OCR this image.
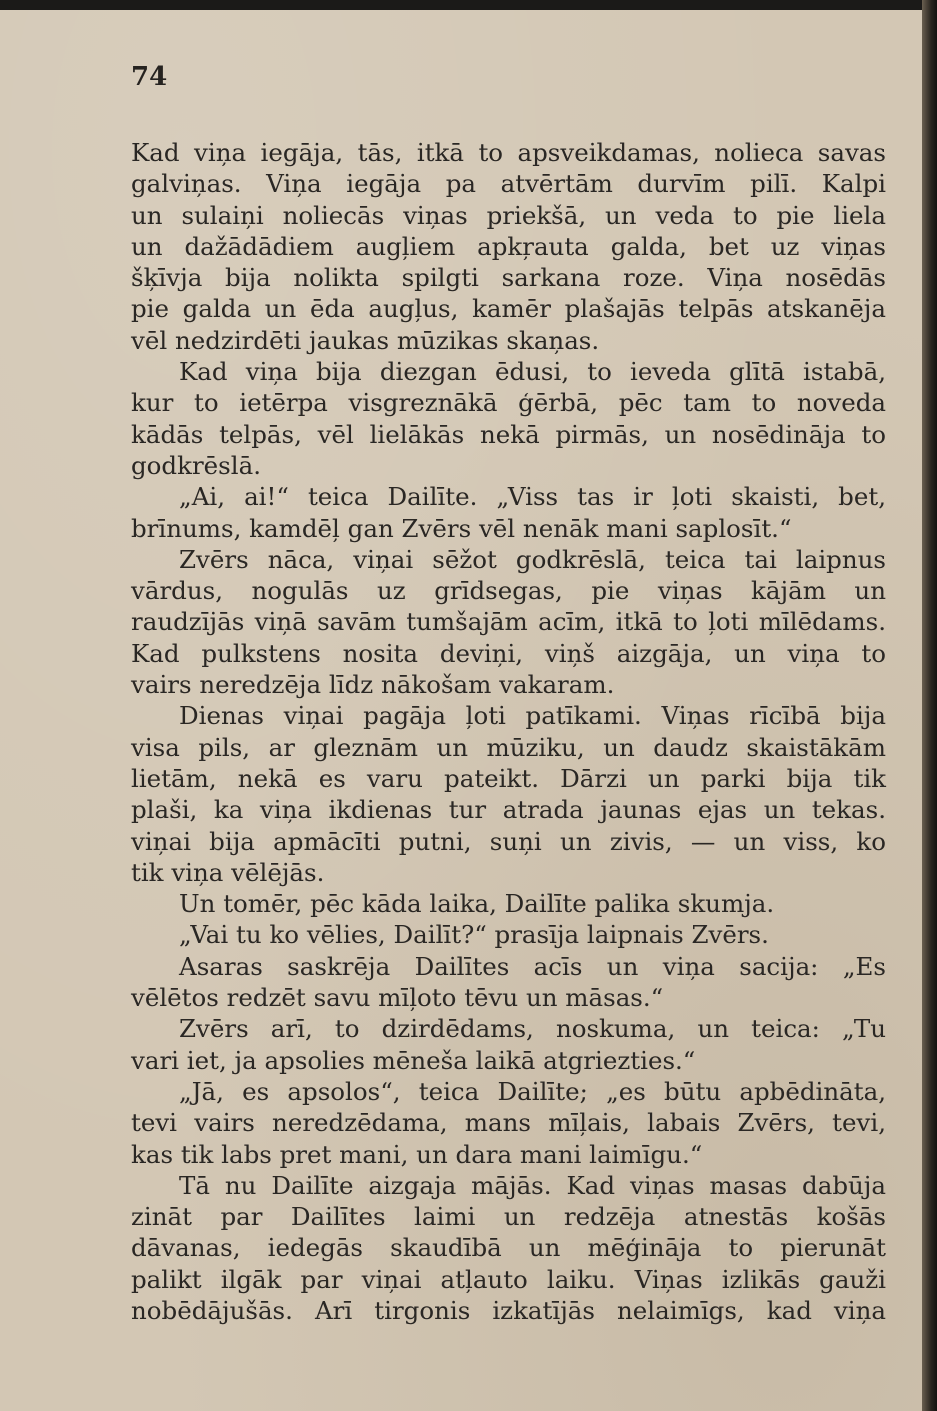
74
Kad viņa iegāja, tās, itkā to apsveikdamas, nolieca savas
galviņas. Viņa iegāja pa atvērtām durvīm pilī. Kalpi
un sulaiņi noliecās viņas priekšā, un veda to pie liela
un dažādādiem augļiem apkŗauta galda, bet uz viņas
šķīvja bija nolikta spilgti sarkana roze. Viņa nosēdās
pie galda un ēda augļus, kamēr plašajās telpās atskanēja
vēl nedzirdēti jaukas mūzikas skaņas.
Kad viņa bija diezgan ēdusi, to ieveda glītā istabā,
kur to ietērpa visgreznākā ģērbā, pēc tam to noveda
kādās telpās, vēl lielākās nekā pirmās, un nosēdināja to
godkrēslā.
„Ai, ai!“ teica Dailīte. „Viss tas ir ļoti skaisti, bet,
brīnums, kamdēļ gan Zvērs vēl nenāk mani saplosīt.“
Zvērs nāca, viņai sēžot godkrēslā, teica tai laipnus
vārdus, nogulās uz grīdsegas, pie viņas kājām un
raudzījās viņā savām tumšajām acīm, itkā to ļoti mīlēdams.
Kad pulkstens nosita deviņi, viņš aizgāja, un viņa to
vairs neredzēja līdz nākošam vakaram.
Dienas viņai pagāja ļoti patīkami. Viņas rīcībā bija
visa pils, ar gleznām un mūziku, un daudz skaistākām
lietām, nekā es varu pateikt. Dārzi un parki bija tik
plaši, ka viņa ikdienas tur atrada jaunas ejas un tekas.
viņai bija apmācīti putni, suņi un zivis, — un viss, ko
tik viņa vēlējās.
Un tomēr, pēc kāda laika, Dailīte palika skumja.
„Vai tu ko vēlies, Dailīt?“ prasīja laipnais Zvērs.
Asaras saskrēja Dailītes acīs un viņa sacija: „Es
vēlētos redzēt savu mīļoto tēvu un māsas.“
Zvērs arī, to dzirdēdams, noskuma, un teica: „Tu
vari iet, ja apsolies mēneša laikā atgriezties.“
„Jā, es apsolos“, teica Dailīte; „es būtu apbēdināta,
tevi vairs neredzēdama, mans mīļais, labais Zvērs, tevi,
kas tik labs pret mani, un dara mani laimīgu.“
Tā nu Dailīte aizgaja mājās. Kad viņas masas dabūja
zināt par Dailītes laimi un redzēja atnestās košās
dāvanas, iedegās skaudībā un mēģināja to pierunāt
palikt ilgāk par viņai atļauto laiku. Viņas izlikās gauži
nobēdājušās. Arī tirgonis izkatījās nelaimīgs, kad viņa
